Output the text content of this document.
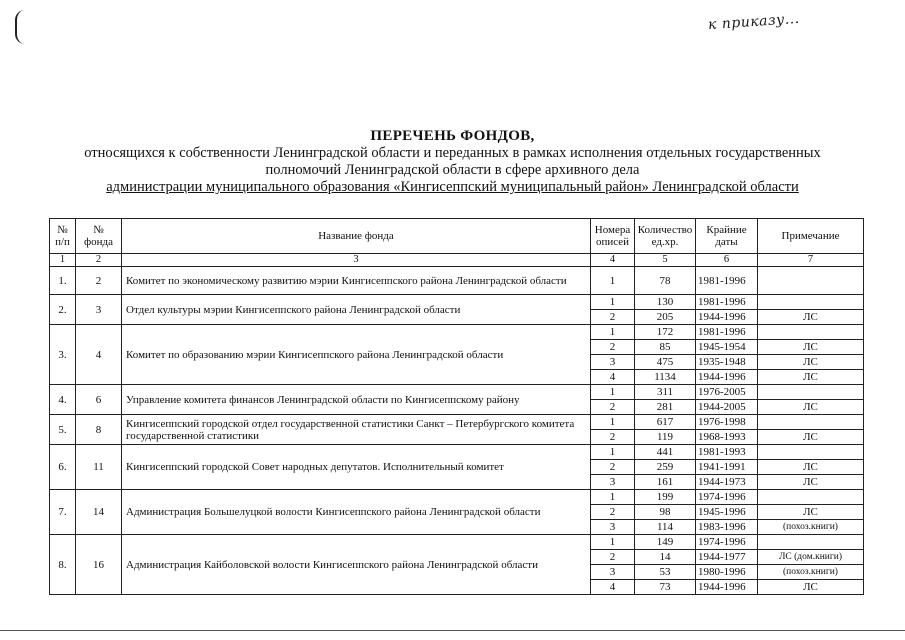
к приказу...
ПЕРЕЧЕНЬ ФОНДОВ,
относящихся к собственности Ленинградской области и переданных в рамках исполнения отдельных государственных
полномочий Ленинградской области в сфере архивного дела
администрации муниципального образования «Кингисеппский муниципальный район» Ленинградской области
№ п/п	№ фонда	Название фонда	Номера описей	Количество ед.хр.	Крайние даты	Примечание
1	2	3	4	5	6	7
1.	2	Комитет по экономическому развитию мэрии Кингисеппского района Ленинградской области	1	78	1981-1996	
2.	3	Отдел культуры мэрии Кингисеппского района Ленинградской области	1	130	1981-1996	
			2	205	1944-1996	ЛС
3.	4	Комитет по образованию мэрии Кингисеппского района Ленинградской области	1	172	1981-1996	
			2	85	1945-1954	ЛС
			3	475	1935-1948	ЛС
			4	1134	1944-1996	ЛС
4.	6	Управление комитета финансов Ленинградской области по Кингисеппскому району	1	311	1976-2005	
			2	281	1944-2005	ЛС
5.	8	Кингисеппский городской отдел государственной статистики Санкт – Петербургского комитета государственной статистики	1	617	1976-1998	
			2	119	1968-1993	ЛС
6.	11	Кингисеппский городской Совет народных депутатов. Исполнительный комитет	1	441	1981-1993	
			2	259	1941-1991	ЛС
			3	161	1944-1973	ЛС
7.	14	Администрация Большелуцкой волости Кингисеппского района Ленинградской области	1	199	1974-1996	
			2	98	1945-1996	ЛС
			3	114	1983-1996	(похоз.книги)
8.	16	Администрация Кайболовской волости Кингисеппского района Ленинградской области	1	149	1974-1996	
			2	14	1944-1977	ЛС (дом.книги)
			3	53	1980-1996	(похоз.книги)
			4	73	1944-1996	ЛС
